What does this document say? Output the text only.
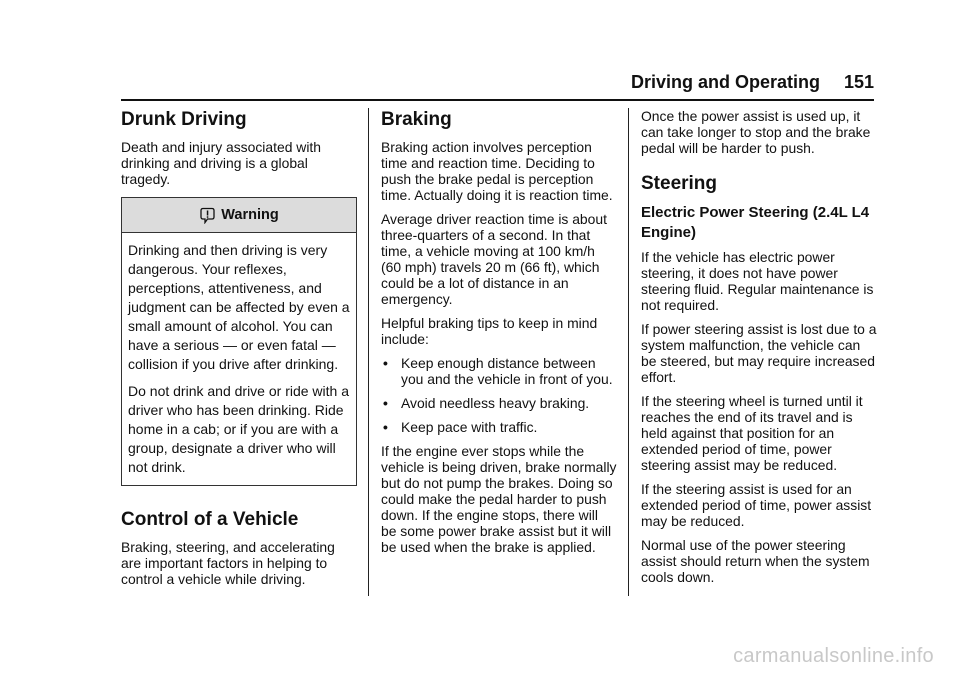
Driving and Operating 151
Drunk Driving

Death and injury associated with drinking and driving is a global tragedy.

Warning

Drinking and then driving is very dangerous. Your reflexes, perceptions, attentiveness, and judgment can be affected by even a small amount of alcohol. You can have a serious — or even fatal — collision if you drive after drinking.

Do not drink and drive or ride with a driver who has been drinking. Ride home in a cab; or if you are with a group, designate a driver who will not drink.

Control of a Vehicle

Braking, steering, and accelerating are important factors in helping to control a vehicle while driving.

Braking

Braking action involves perception time and reaction time. Deciding to push the brake pedal is perception time. Actually doing it is reaction time.

Average driver reaction time is about three-quarters of a second. In that time, a vehicle moving at 100 km/h (60 mph) travels 20 m (66 ft), which could be a lot of distance in an emergency.

Helpful braking tips to keep in mind include:

• Keep enough distance between you and the vehicle in front of you.
• Avoid needless heavy braking.
• Keep pace with traffic.

If the engine ever stops while the vehicle is being driven, brake normally but do not pump the brakes. Doing so could make the pedal harder to push down. If the engine stops, there will be some power brake assist but it will be used when the brake is applied.

Once the power assist is used up, it can take longer to stop and the brake pedal will be harder to push.

Steering
Electric Power Steering (2.4L L4 Engine)

If the vehicle has electric power steering, it does not have power steering fluid. Regular maintenance is not required.

If power steering assist is lost due to a system malfunction, the vehicle can be steered, but may require increased effort.

If the steering wheel is turned until it reaches the end of its travel and is held against that position for an extended period of time, power steering assist may be reduced.

If the steering assist is used for an extended period of time, power assist may be reduced.

Normal use of the power steering assist should return when the system cools down.

carmanualsonline.info
